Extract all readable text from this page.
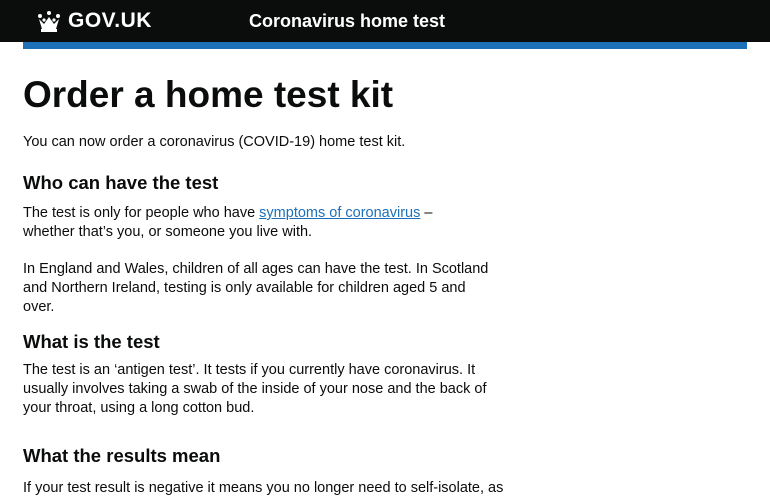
GOV.UK	Coronavirus home test
Order a home test kit

You can now order a coronavirus (COVID-19) home test kit.

Who can have the test

The test is only for people who have symptoms of coronavirus – whether that’s you, or someone you live with.

In England and Wales, children of all ages can have the test. In Scotland and Northern Ireland, testing is only available for children aged 5 and over.

What is the test

The test is an ‘antigen test’. It tests if you currently have coronavirus. It usually involves taking a swab of the inside of your nose and the back of your throat, using a long cotton bud.

What the results mean

If your test result is negative it means you no longer need to self-isolate, as
